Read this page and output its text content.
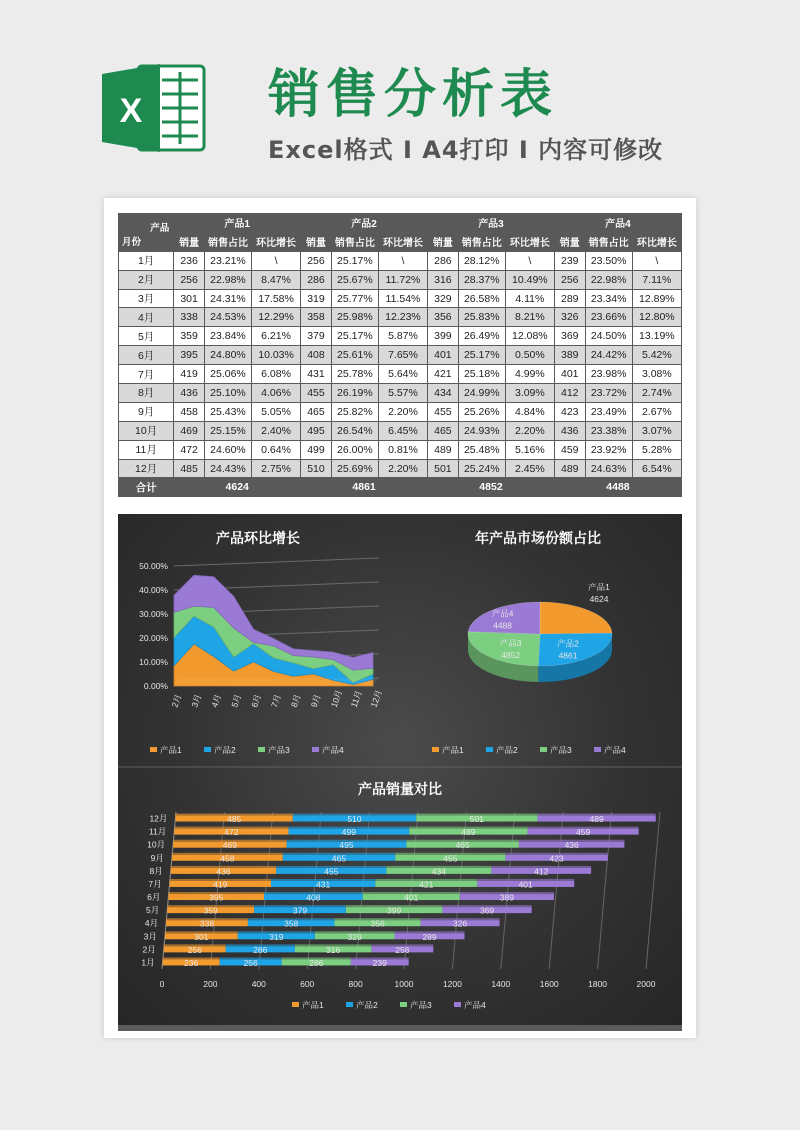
X 销售分析表
Excel格式 I A4打印 I 内容可修改
产品
月份	产品1			产品2			产品3			产品4		
	销量	销售占比	环比增长	销量	销售占比	环比增长	销量	销售占比	环比增长	销量	销售占比	环比增长
1月	236	23.21%	\	256	25.17%	\	286	28.12%	\	239	23.50%	\
2月	256	22.98%	8.47%	286	25.67%	11.72%	316	28.37%	10.49%	256	22.98%	7.11%
3月	301	24.31%	17.58%	319	25.77%	11.54%	329	26.58%	4.11%	289	23.34%	12.89%
4月	338	24.53%	12.29%	358	25.98%	12.23%	356	25.83%	8.21%	326	23.66%	12.80%
5月	359	23.84%	6.21%	379	25.17%	5.87%	399	26.49%	12.08%	369	24.50%	13.19%
6月	395	24.80%	10.03%	408	25.61%	7.65%	401	25.17%	0.50%	389	24.42%	5.42%
7月	419	25.06%	6.08%	431	25.78%	5.64%	421	25.18%	4.99%	401	23.98%	3.08%
8月	436	25.10%	4.06%	455	26.19%	5.57%	434	24.99%	3.09%	412	23.72%	2.74%
9月	458	25.43%	5.05%	465	25.82%	2.20%	455	25.26%	4.84%	423	23.49%	2.67%
10月	469	25.15%	2.40%	495	26.54%	6.45%	465	24.93%	2.20%	436	23.38%	3.07%
11月	472	24.60%	0.64%	499	26.00%	0.81%	489	25.48%	5.16%	459	23.92%	5.28%
12月	485	24.43%	2.75%	510	25.69%	2.20%	501	25.24%	2.45%	489	24.63%	6.54%
合计	4624			4861			4852			4488		
产品环比增长	年产品市场份额占比
产品销量对比
0.00%
10.00%
20.00%
30.00%
40.00%
50.00%
2月 3月 4月 5月 6月 7月 8月 9月 10月 11月 12月
产品1	产品2	产品3	产品4
产品1
4624
产品2
4861
产品3
4852
产品4
4488
产品1	产品2	产品3	产品4
0	200	400	600	800	1000	1200	1400	1600	1800	2000
236	256	286	239
1月
256	286	316	256
2月
301	319	329	289
3月
338	358	356	326
4月
359	379	399	369
5月
395	408	401	389
6月
419	431	421	401
7月
436	455	434	412
8月
458	465	455	423
9月
469	495	465	436
10月
472	499	489	459
11月
485	510	501	489
12月
产品1	产品2	产品3	产品4
